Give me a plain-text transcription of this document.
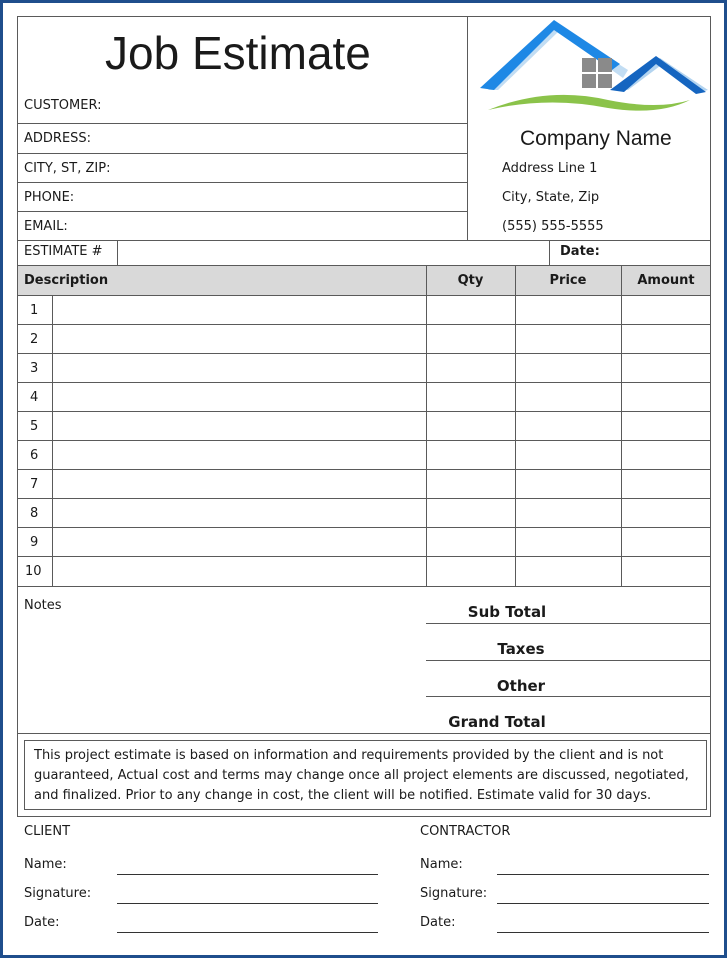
Job Estimate
CUSTOMER:
ADDRESS:
CITY, ST, ZIP:
PHONE:
EMAIL:
Company Name
Address Line 1
City, State, Zip
(555) 555-5555
ESTIMATE #	Date:
Description	Qty	Price	Amount
1
2
3
4
5
6
7
8
9
10
Notes	Sub Total
Taxes
Other
Grand Total
This project estimate is based on information and requirements provided by the client and is not guaranteed, Actual cost and terms may change once all project elements are discussed, negotiated, and finalized. Prior to any change in cost, the client will be notified. Estimate valid for 30 days.
CLIENT
Name:
Signature:
Date:
CONTRACTOR
Name:
Signature:
Date:
